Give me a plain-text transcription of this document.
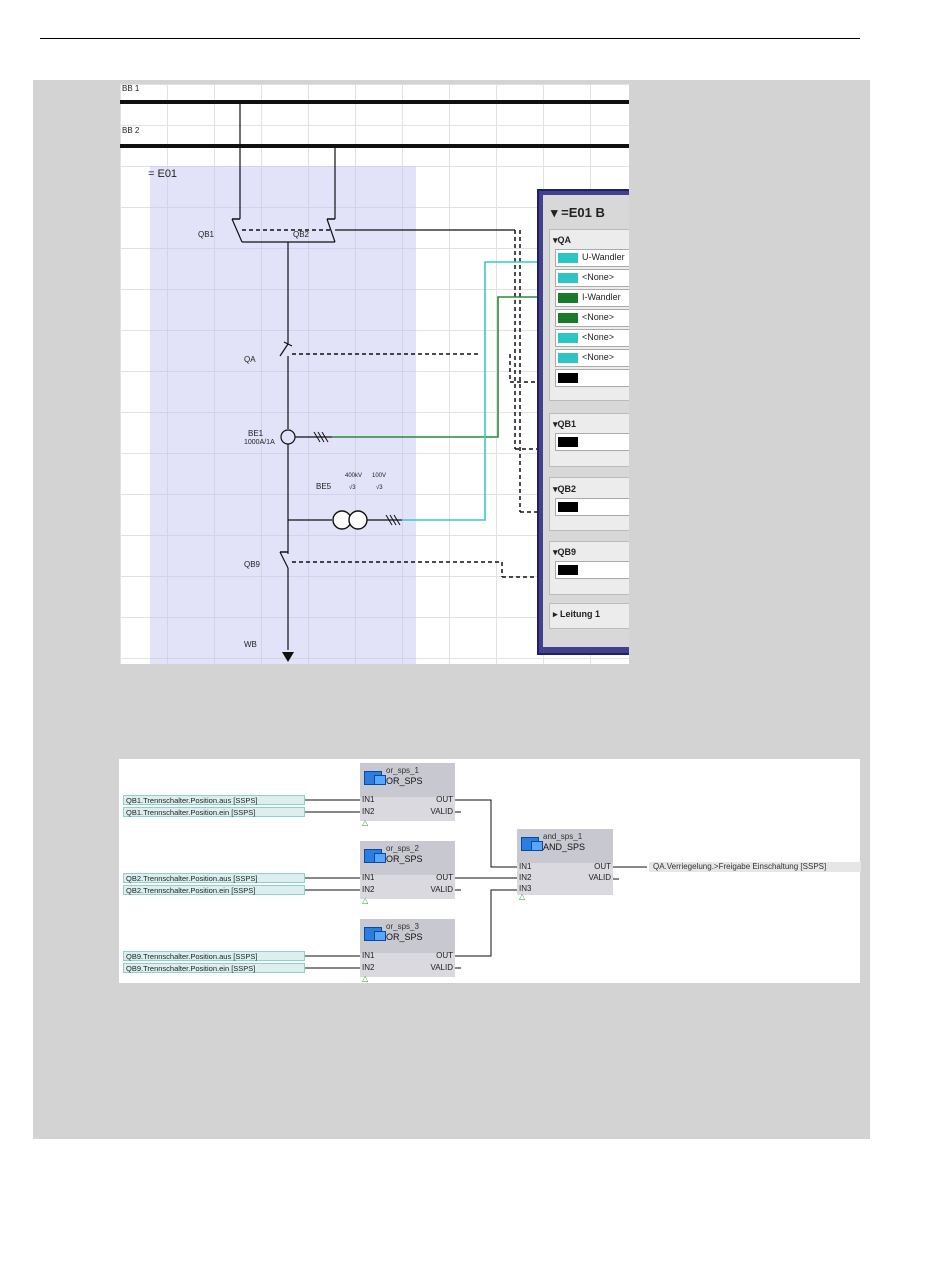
BB 1
BB 2
= E01
QB1	QB2
QA
BE1
1000A/1A
BE5
400kV
√3
100V
√3
QB9
WB
▾ =E01 B
▾QA
U-Wandler
<None>
I-Wandler
<None>
<None>
<None>
▾QB1
▾QB2
▾QB9
▸ Leitung 1
QB1.Trennschalter.Position.aus [SSPS]
QB1.Trennschalter.Position.ein [SSPS]
QB2.Trennschalter.Position.aus [SSPS]
QB2.Trennschalter.Position.ein [SSPS]
QB9.Trennschalter.Position.aus [SSPS]
QB9.Trennschalter.Position.ein [SSPS]
or_sps_1
OR_SPS
IN1
IN2
OUT
VALID
△
or_sps_2
OR_SPS
IN1
IN2
OUT
VALID
△
or_sps_3
OR_SPS
IN1
IN2
OUT
VALID
△
and_sps_1
AND_SPS
IN1
IN2
IN3
OUT
VALID
△
QA.Verriegelung.>Freigabe Einschaltung [SSPS]
